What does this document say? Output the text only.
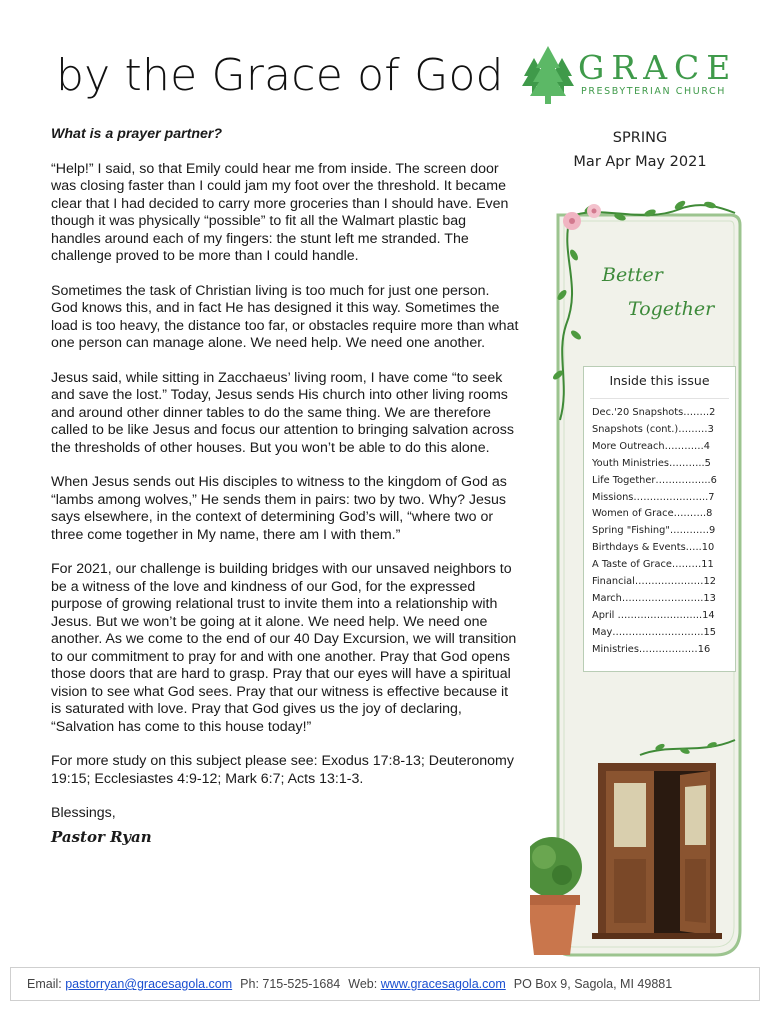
by the Grace of God GRACE
PRESBYTERIAN CHURCH
What is a prayer partner?

“Help!” I said, so that Emily could hear me from inside. The screen door was closing faster than I could jam my foot over the threshold. It became clear that I had decided to carry more groceries than I should have. Even though it was physically “possible” to fit all the Walmart plastic bag handles around each of my fingers: the stunt left me stranded. The challenge proved to be more than I could handle.

Sometimes the task of Christian living is too much for just one person. God knows this, and in fact He has designed it this way. Sometimes the load is too heavy, the distance too far, or obstacles require more than what one person can manage alone. We need help. We need one another.

Jesus said, while sitting in Zacchaeus’ living room, I have come “to seek and save the lost.” Today, Jesus sends His church into other living rooms and around other dinner tables to do the same thing. We are therefore called to be like Jesus and focus our attention to bringing salvation across the thresholds of other houses. But you won’t be able to do this alone.

When Jesus sends out His disciples to witness to the kingdom of God as “lambs among wolves,” He sends them in pairs: two by two. Why? Jesus says elsewhere, in the context of determining God’s will, “where two or three come together in My name, there am I with them.”

For 2021, our challenge is building bridges with our unsaved neighbors to be a witness of the love and kindness of our God, for the expressed purpose of growing relational trust to invite them into a relationship with Jesus. But we won’t be going at it alone. We need help. We need one another. As we come to the end of our 40 Day Excursion, we will transition to our commitment to pray for and with one another. Pray that God opens those doors that are hard to grasp. Pray that our eyes will have a spiritual vision to see what God sees. Pray that our witness is effective because it is saturated with love. Pray that God gives us the joy of declaring, “Salvation has come to this house today!”

For more study on this subject please see: Exodus 17:8-13; Deuteronomy 19:15; Ecclesiastes 4:9-12; Mark 6:7; Acts 13:1-3.

Blessings,
Pastor Ryan
SPRING
Mar Apr May 2021
Better
Together
Inside this issue
Dec.'20 Snapshots……..2
Snapshots (cont.)………3
More Outreach…………4
Youth Ministries………..5
Life Together……………..6
Missions…………………..7
Women of Grace……….8
Spring "Fishing"…………9
Birthdays & Events…..10
A Taste of Grace………11
Financial…………………12
March…………………….13
April ……………………..14
May……………………….15
Ministries………………16
Email:
pastorryan@gracesagola.com Ph: 715-525-1684 Web:
www.gracesagola.com PO Box 9, Sagola, MI 49881
